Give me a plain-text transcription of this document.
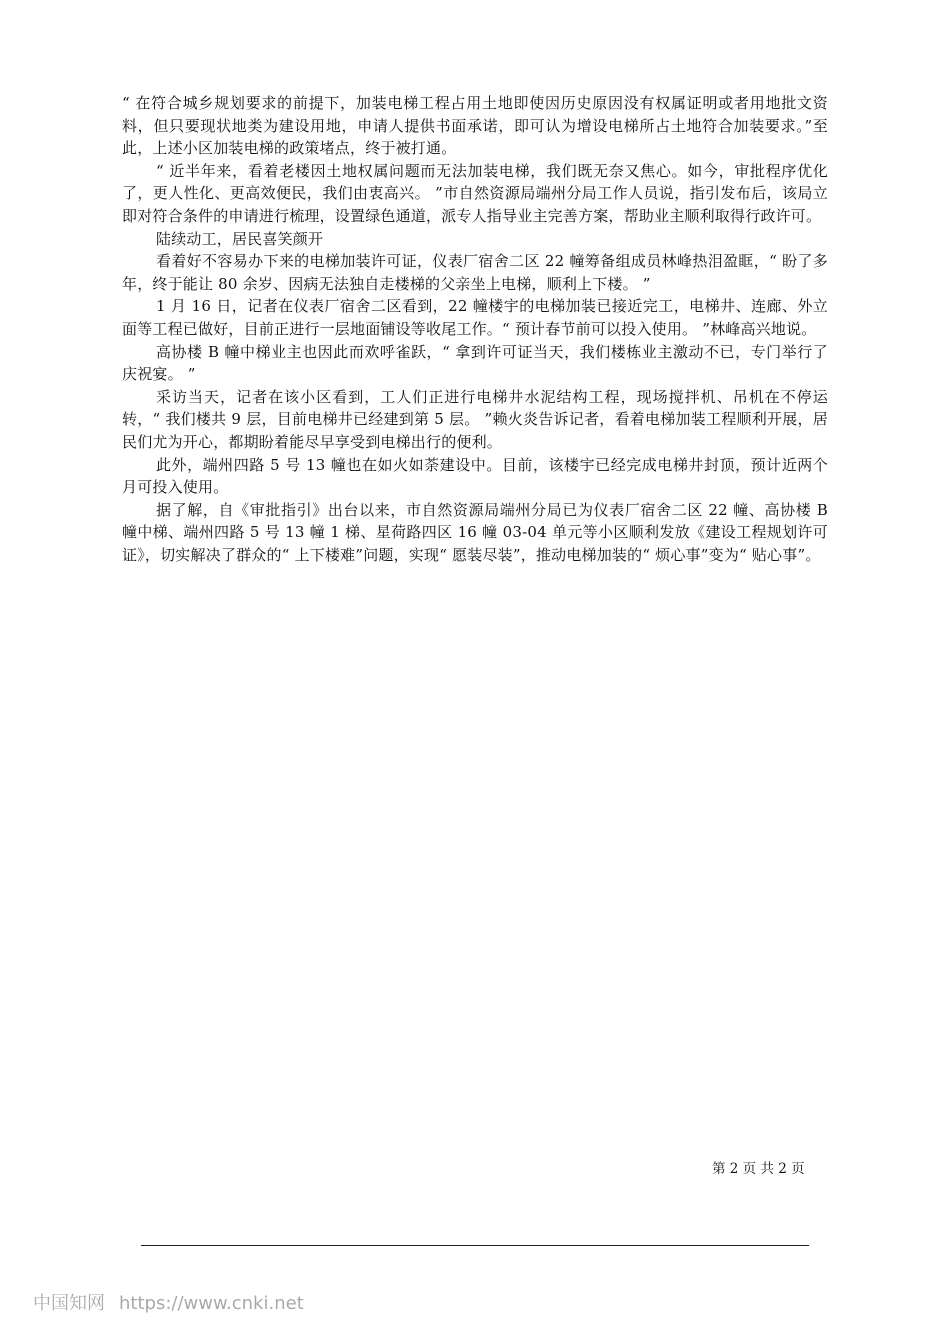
“ 在符合城乡规划要求的前提下，加装电梯工程占用土地即使因历史原因没有权属证明或者用地批文资料，但只要现状地类为建设用地，申请人提供书面承诺，即可认为增设电梯所占土地符合加装要求。”至此，上述小区加装电梯的政策堵点，终于被打通。

“ 近半年来，看着老楼因土地权属问题而无法加装电梯，我们既无奈又焦心。如今，审批程序优化了，更人性化、更高效便民，我们由衷高兴。 ”市自然资源局端州分局工作人员说，指引发布后，该局立即对符合条件的申请进行梳理，设置绿色通道，派专人指导业主完善方案，帮助业主顺利取得行政许可。

陆续动工，居民喜笑颜开

看着好不容易办下来的电梯加装许可证，仪表厂宿舍二区 22 幢筹备组成员林峰热泪盈眶，“ 盼了多年，终于能让 80 余岁、因病无法独自走楼梯的父亲坐上电梯，顺利上下楼。 ”

1 月 16 日，记者在仪表厂宿舍二区看到，22 幢楼宇的电梯加装已接近完工，电梯井、连廊、外立面等工程已做好，目前正进行一层地面铺设等收尾工作。“ 预计春节前可以投入使用。 ”林峰高兴地说。

高协楼 B 幢中梯业主也因此而欢呼雀跃，“ 拿到许可证当天，我们楼栋业主激动不已，专门举行了庆祝宴。 ”

采访当天，记者在该小区看到，工人们正进行电梯井水泥结构工程，现场搅拌机、吊机在不停运转，“ 我们楼共 9 层，目前电梯井已经建到第 5 层。 ”赖火炎告诉记者，看着电梯加装工程顺利开展，居民们尤为开心，都期盼着能尽早享受到电梯出行的便利。

此外，端州四路 5 号 13 幢也在如火如荼建设中。目前，该楼宇已经完成电梯井封顶，预计近两个月可投入使用。

据了解，自《审批指引》出台以来，市自然资源局端州分局已为仪表厂宿舍二区 22 幢、高协楼 B 幢中梯、端州四路 5 号 13 幢 1 梯、星荷路四区 16 幢 03-04 单元等小区顺利发放《建设工程规划许可证》，切实解决了群众的“ 上下楼难”问题，实现“ 愿装尽装”，推动电梯加装的“ 烦心事”变为“ 贴心事”。

第 2 页 共 2 页
中国知网 https://www.cnki.net
